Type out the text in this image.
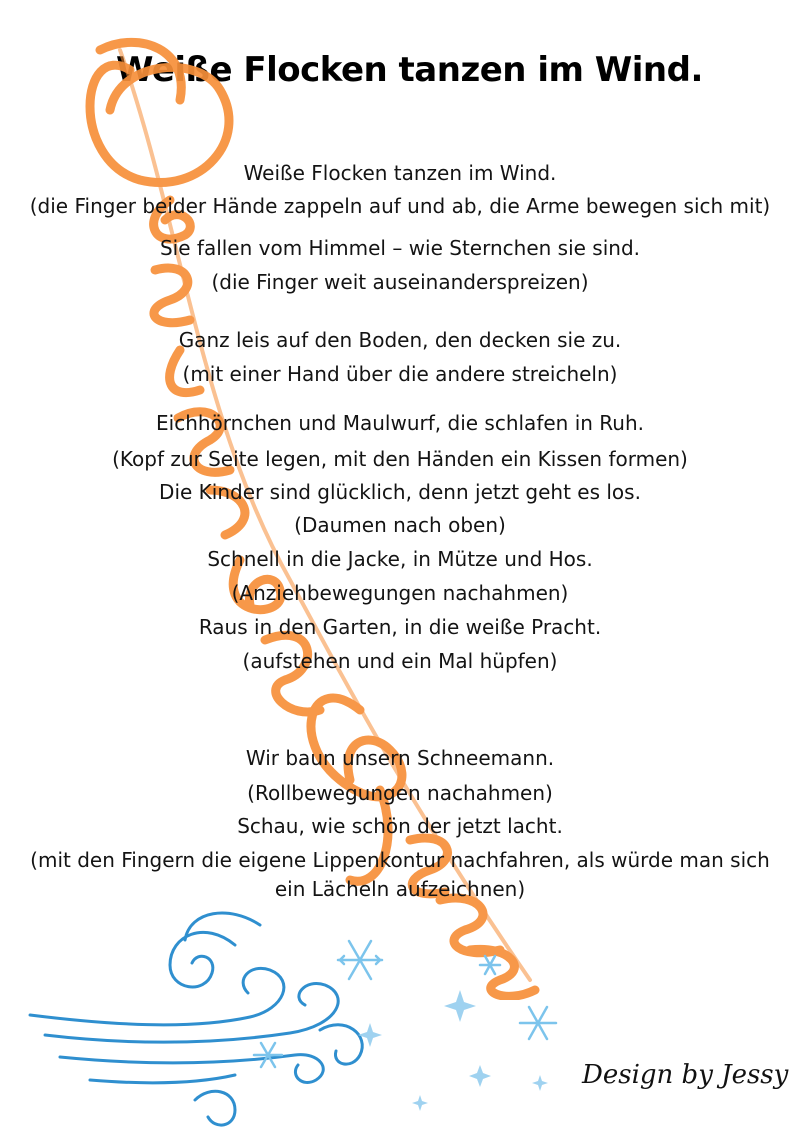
Weiße Flocken tanzen im Wind.
Weiße Flocken tanzen im Wind.
(die Finger beider Hände zappeln auf und ab, die Arme bewegen sich mit)
Sie fallen vom Himmel – wie Sternchen sie sind.
(die Finger weit auseinanderspreizen)
Ganz leis auf den Boden, den decken sie zu.
(mit einer Hand über die andere streicheln)
Eichhörnchen und Maulwurf, die schlafen in Ruh.
(Kopf zur Seite legen, mit den Händen ein Kissen formen)
Die Kinder sind glücklich, denn jetzt geht es los.
(Daumen nach oben)
Schnell in die Jacke, in Mütze und Hos.
(Anziehbewegungen nachahmen)
Raus in den Garten, in die weiße Pracht.
(aufstehen und ein Mal hüpfen)
Wir baun unsern Schneemann.
(Rollbewegungen nachahmen)
Schau, wie schön der jetzt lacht.
(mit den Fingern die eigene Lippenkontur nachfahren, als würde man sich
ein Lächeln aufzeichnen)
Design by Jessy
